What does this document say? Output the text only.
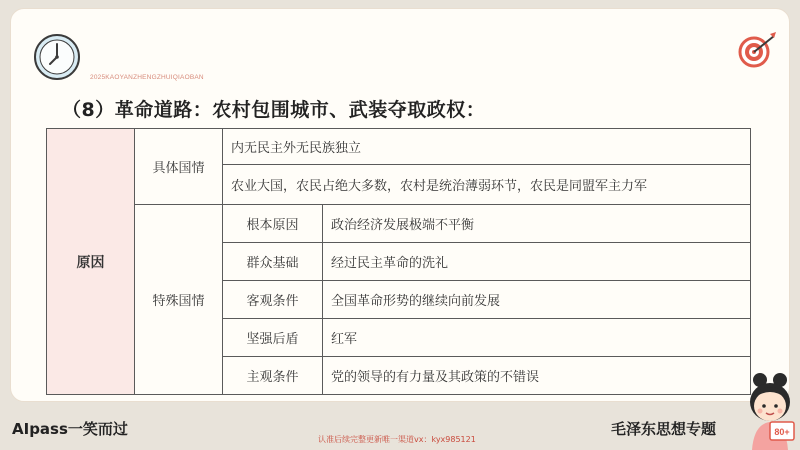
2025KAOYANZHENGZHUIQIAOBAN
（8）革命道路：农村包围城市、武装夺取政权：
原因	具体国情	内无民主外无民族独立	
		农业大国，农民占绝大多数，农村是统治薄弱环节，农民是同盟军主力军	
	特殊国情	根本原因	政治经济发展极端不平衡
		群众基础	经过民主革命的洗礼
		客观条件	全国革命形势的继续向前发展
		坚强后盾	红军
		主观条件	党的领导的有力量及其政策的不错误
AIpass一笑而过	毛泽东思想专题
认准后续完整更新唯一渠道vx：kyx985121
80+
